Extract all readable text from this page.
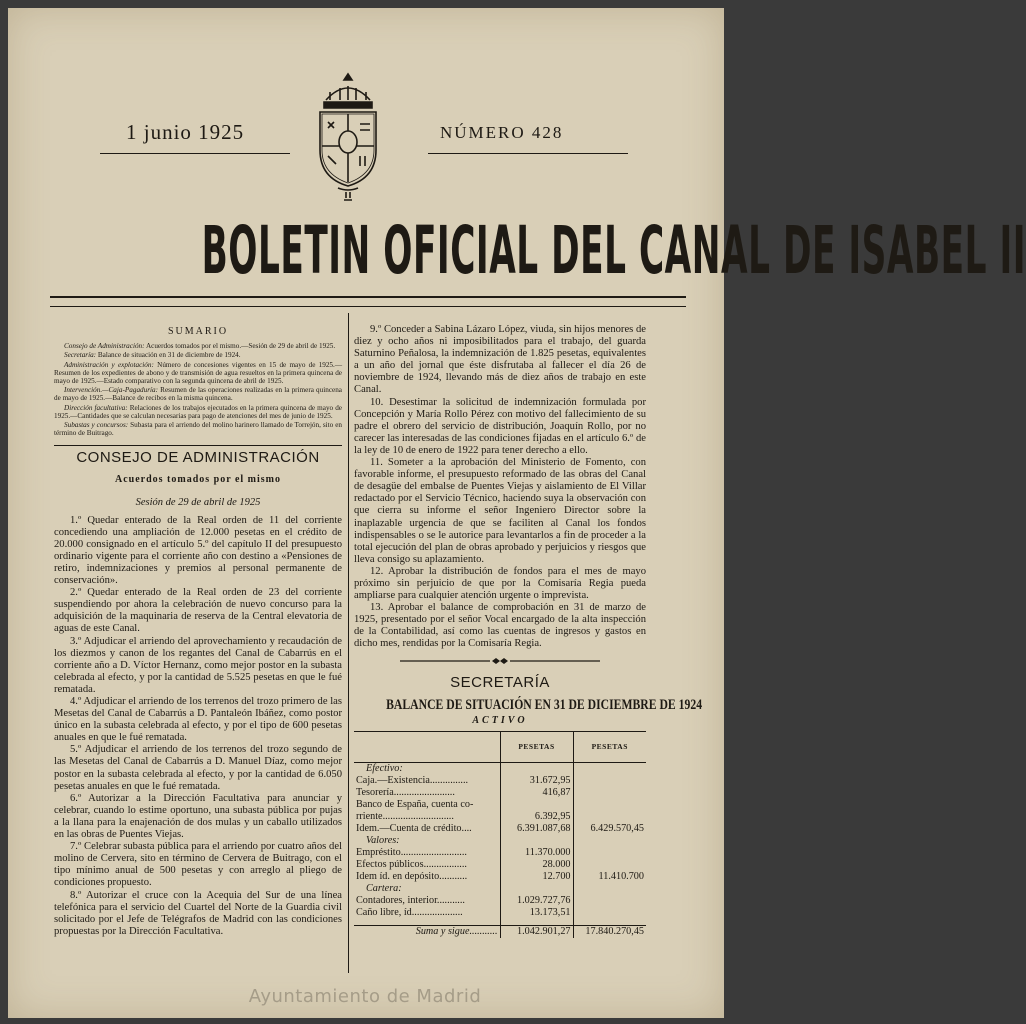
1 junio 1925	NÚMERO 428
BOLETIN OFICIAL DEL CANAL DE ISABEL II
SUMARIO

Consejo de Administración: Acuerdos tomados por el mismo.—Sesión de 29 de abril de 1925.

Secretaría: Balance de situación en 31 de diciembre de 1924.

Administración y explotación: Número de concesiones vigentes en 15 de mayo de 1925.—Resumen de los expedientes de abono y de transmisión de agua resueltos en la primera quincena de mayo de 1925.—Estado comparativo con la segunda quincena de abril de 1925.

Intervención.—Caja-Pagaduría: Resumen de las operaciones realizadas en la primera quincena de mayo de 1925.—Balance de recibos en la misma quincena.

Dirección facultativa: Relaciones de los trabajos ejecutados en la primera quincena de mayo de 1925.—Cantidades que se calculan necesarias para pago de atenciones del mes de junio de 1925.

Subastas y concursos: Subasta para el arriendo del molino harinero llamado de Torrejón, sito en término de Buitrago.

CONSEJO DE ADMINISTRACIÓN
Acuerdos tomados por el mismo
Sesión de 29 de abril de 1925

1.º Quedar enterado de la Real orden de 11 del corriente concediendo una ampliación de 12.000 pesetas en el crédito de 20.000 consignado en el artículo 5.º del capítulo II del presupuesto ordinario vigente para el corriente año con destino a «Pensiones de retiro, indemnizaciones y premios al personal permanente de conservación».

2.º Quedar enterado de la Real orden de 23 del corriente suspendiendo por ahora la celebración de nuevo concurso para la adquisición de la maquinaria de reserva de la Central elevatoria de aguas de este Canal.

3.º Adjudicar el arriendo del aprovechamiento y recaudación de los diezmos y canon de los regantes del Canal de Cabarrús en el corriente año a D. Víctor Hernanz, como mejor postor en la subasta celebrada al efecto, y por la cantidad de 5.525 pesetas en que le fué rematada.

4.º Adjudicar el arriendo de los terrenos del trozo primero de las Mesetas del Canal de Cabarrús a D. Pantaleón Ibáñez, como postor único en la subasta celebrada al efecto, y por el tipo de 600 pesetas anuales en que le fué rematada.

5.º Adjudicar el arriendo de los terrenos del trozo segundo de las Mesetas del Canal de Cabarrús a D. Manuel Díaz, como mejor postor en la subasta celebrada al efecto, y por la cantidad de 6.050 pesetas anuales en que le fué rematada.

6.º Autorizar a la Dirección Facultativa para anunciar y celebrar, cuando lo estime oportuno, una subasta pública por pujas a la llana para la enajenación de dos mulas y un caballo utilizados en las obras de Puentes Viejas.

7.º Celebrar subasta pública para el arriendo por cuatro años del molino de Cervera, sito en término de Cervera de Buitrago, con el tipo mínimo anual de 500 pesetas y con arreglo al pliego de condiciones propuesto.

8.º Autorizar el cruce con la Acequia del Sur de una línea telefónica para el servicio del Cuartel del Norte de la Guardia civil solicitado por el Jefe de Telégrafos de Madrid con las condiciones propuestas por la Dirección Facultativa.

9.º Conceder a Sabina Lázaro López, viuda, sin hijos menores de diez y ocho años ni imposibilitados para el trabajo, del guarda Saturnino Peñalosa, la indemnización de 1.825 pesetas, equivalentes a un año del jornal que éste disfrutaba al fallecer el día 26 de noviembre de 1924, llevando más de diez años de trabajo en este Canal.

10. Desestimar la solicitud de indemnización formulada por Concepción y María Rollo Pérez con motivo del fallecimiento de su padre el obrero del servicio de distribución, Joaquín Rollo, por no carecer las interesadas de las condiciones fijadas en el artículo 6.º de la ley de 10 de enero de 1922 para tener derecho a ello.

11. Someter a la aprobación del Ministerio de Fomento, con favorable informe, el presupuesto reformado de las obras del Canal de desagüe del embalse de Puentes Viejas y aislamiento de El Villar redactado por el Servicio Técnico, haciendo suya la observación con que cierra su informe el señor Ingeniero Director sobre la inaplazable urgencia de que se faciliten al Canal los fondos indispensables o se le autorice para levantarlos a fin de proceder a la total ejecución del plan de obras aprobado y perjuicios y riesgos que lleva consigo su aplazamiento.

12. Aprobar la distribución de fondos para el mes de mayo próximo sin perjuicio de que por la Comisaría Regia pueda ampliarse para cualquier atención urgente o imprevista.

13. Aprobar el balance de comprobación en 31 de marzo de 1925, presentado por el señor Vocal encargado de la alta inspección de la Contabilidad, así como las cuentas de ingresos y gastos en dicho mes, rendidas por la Comisaría Regia.

SECRETARÍA
BALANCE DE SITUACIÓN EN 31 DE DICIEMBRE DE 1924
ACTIVO
	PESETAS	PESETAS
Efectivo:		
Caja.—Existencia...............	31.672,95	
Tesorería........................	416,87	
Banco de España, cuenta co-		
rriente............................	6.392,95	
Idem.—Cuenta de crédito....	6.391.087,68	6.429.570,45
Valores:		
Empréstito..........................	11.370.000	
Efectos públicos.................	28.000	
Idem íd. en depósito...........	12.700	11.410.700
Cartera:		
Contadores, interior...........	1.029.727,76	
Caño libre, íd....................	13.173,51	

Suma y sigue...........	1.042.901,27	17.840.270,45
Ayuntamiento de Madrid
